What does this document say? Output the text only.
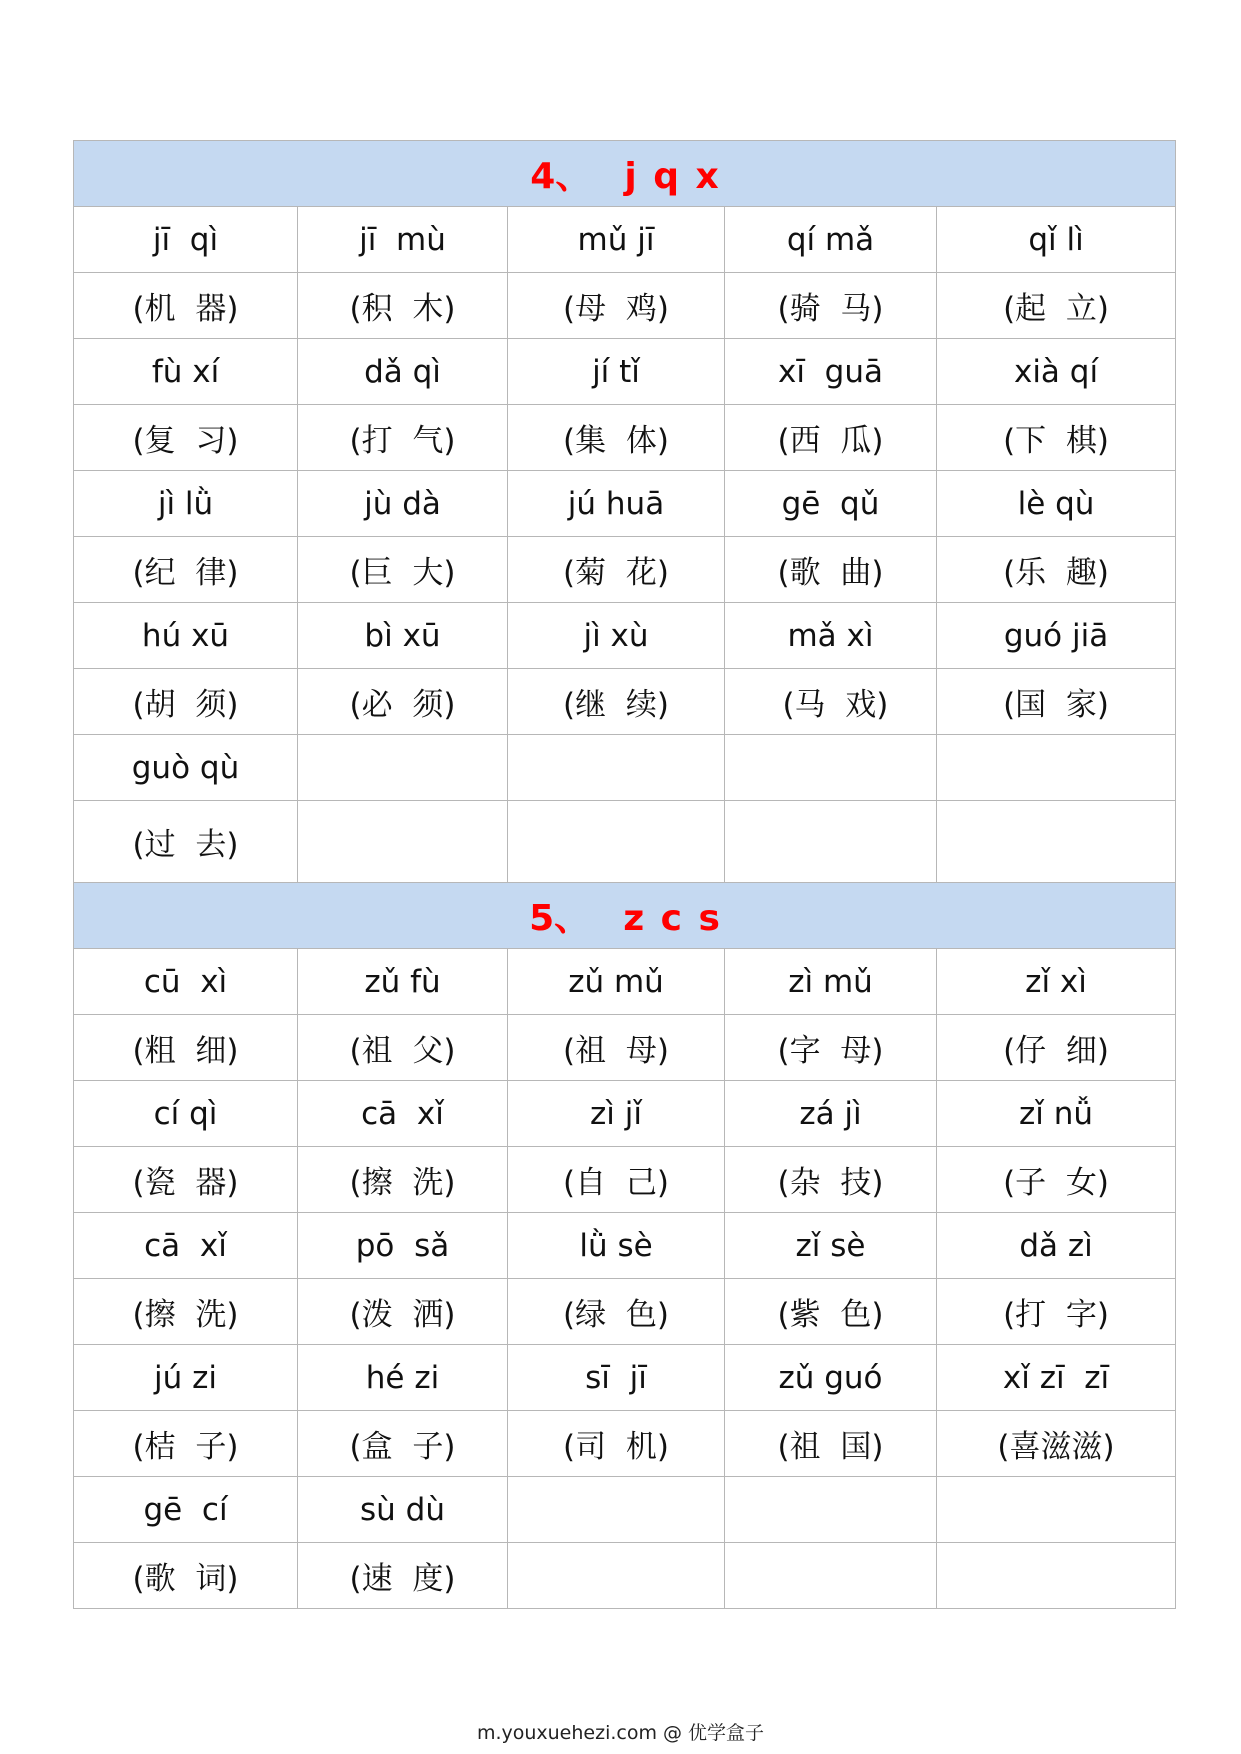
4、  j q x				
jī  qì	jī  mù	mǔ jī	qí mǎ	qǐ lì
(机  器)	(积  木)	(母  鸡)	(骑  马)	(起  立)
fù xí	dǎ qì	jí tǐ	xī  guā	xià qí
(复  习)	(打  气)	(集  体)	(西  瓜)	(下  棋)
jì lǜ	jù dà	jú huā	gē  qǔ	lè qù
(纪  律)	(巨  大)	(菊  花)	(歌  曲)	(乐  趣)
hú xū	bì xū	jì xù	mǎ xì	guó jiā
(胡  须)	(必  须)	(继  续)	(马  戏)	(国  家)
guò qù				
(过  去)				
5、  z c s				
cū  xì	zǔ fù	zǔ mǔ	zì mǔ	zǐ xì
(粗  细)	(祖  父)	(祖  母)	(字  母)	(仔  细)
cí qì	cā  xǐ	zì jǐ	zá jì	zǐ nǚ
(瓷  器)	(擦  洗)	(自  己)	(杂  技)	(子  女)
cā  xǐ	pō  sǎ	lǜ sè	zǐ sè	dǎ zì
(擦  洗)	(泼  洒)	(绿  色)	(紫  色)	(打  字)
jú zi	hé zi	sī  jī	zǔ guó	xǐ zī  zī
(桔  子)	(盒  子)	(司  机)	(祖  国)	(喜滋滋)
gē  cí	sù dù			
(歌  词)	(速  度)			
m.youxuehezi.com @ 优学盒子
